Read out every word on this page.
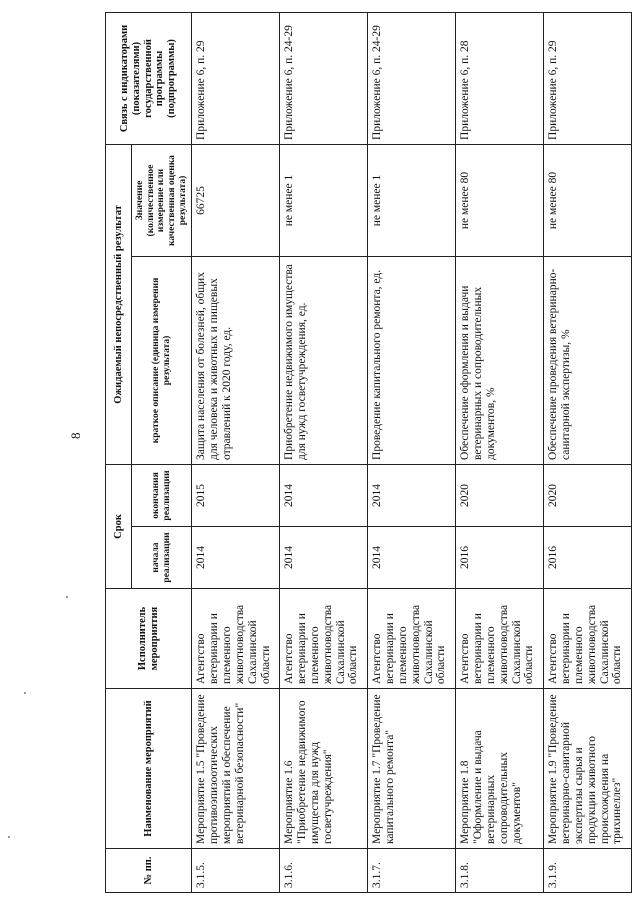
8
№ пп.	Наименование мероприятий	Исполнитель мероприятия	Срок		Ожидаемый непосредственный результат		Связь с индикаторами (показателями) государственной программы (подпрограммы)
			начала реализации	окончания реализации	краткое описание (единица измерения результата)	Значение (количественное измерение или качественная оценка результата)	
3.1.5.	Мероприятие 1.5 "Проведение противоэпизоотических мероприятий и обеспечение ветеринарной безопасности"	Агентство ветеринарии и племенного животноводства Сахалинской области	2014	2015	Защита населения от болезней, общих для человека и животных и пищевых отравлений к 2020 году, ед.	66725	Приложение 6, п. 29
3.1.6.	Мероприятие 1.6 "Приобретение недвижимого имущества для нужд госветучреждения"	Агентство ветеринарии и племенного животноводства Сахалинской области	2014	2014	Приобретение недвижимого имущества для нужд госветучреждения, ед.	не менее 1	Приложение 6, п. 24-29
3.1.7.	Мероприятие 1.7 "Проведение капитального ремонта"	Агентство ветеринарии и племенного животноводства Сахалинской области	2014	2014	Проведение капитального ремонта, ед.	не менее 1	Приложение 6, п. 24-29
3.1.8.	Мероприятие 1.8 "Оформление и выдача ветеринарных сопроводительных документов"	Агентство ветеринарии и племенного животноводства Сахалинской области	2016	2020	Обеспечение оформления и выдачи ветеринарных и сопроводительных документов, %	не менее 80	Приложение 6, п. 28
3.1.9.	Мероприятие 1.9 "Проведение ветеринарно-санитарной экспертизы сырья и продукции животного происхождения на трихинеллез"	Агентство ветеринарии и племенного животноводства Сахалинской области	2016	2020	Обеспечение проведения ветеринарно-санитарной экспертизы, %	не менее 80	Приложение 6, п. 29
